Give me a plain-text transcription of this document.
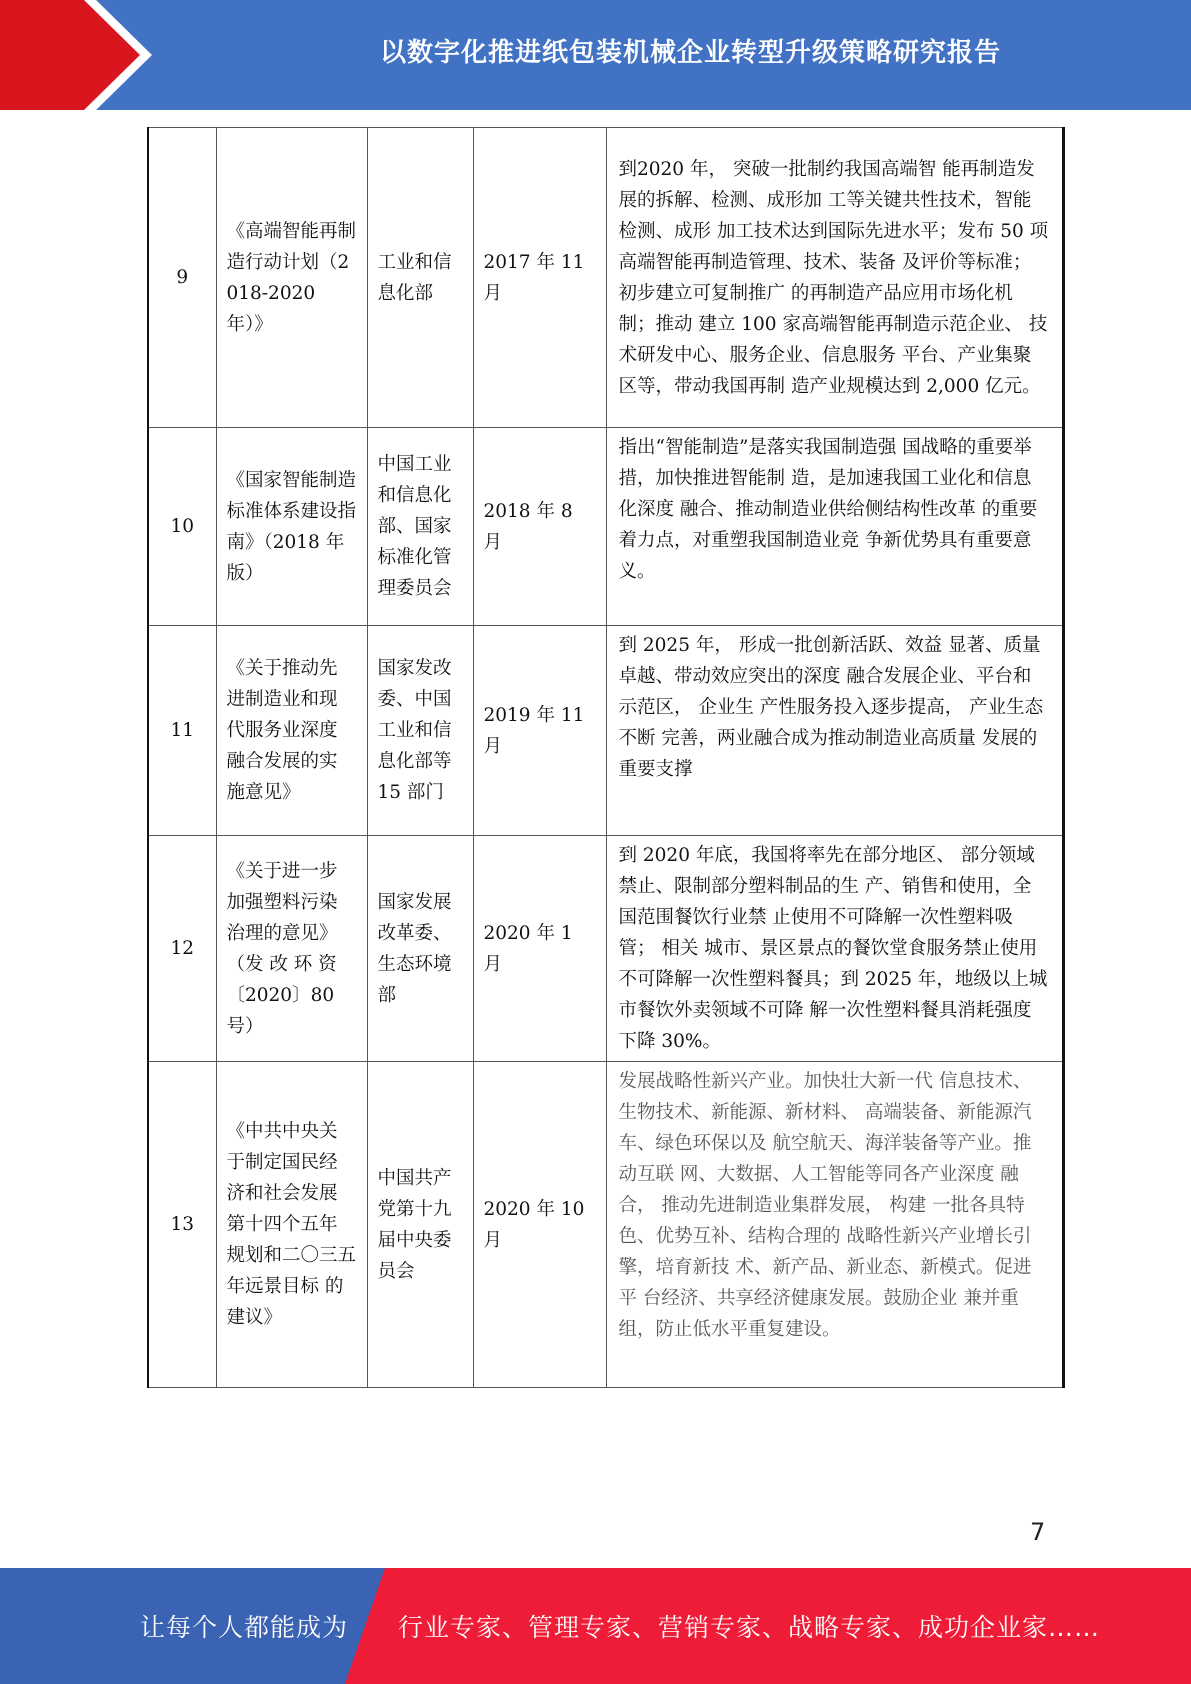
以数字化推进纸包装机械企业转型升级策略研究报告
9	《高端智能再制造行动计划（2018-2020 年）》	工业和信息化部	2017 年 11 月	到2020 年， 突破一批制约我国高端智 能再制造发展的拆解、检测、成形加 工等关键共性技术，智能检测、成形 加工技术达到国际先进水平；发布 50 项高端智能再制造管理、技术、装备 及评价等标准；初步建立可复制推广 的再制造产品应用市场化机制；推动 建立 100 家高端智能再制造示范企业、 技术研发中心、服务企业、信息服务 平台、产业集聚区等，带动我国再制 造产业规模达到 2,000 亿元。
10	《国家智能制造标准体系建设指南》（2018 年版）	中国工业和信息化部、国家标准化管理委员会	2018 年 8 月	指出“智能制造”是落实我国制造强 国战略的重要举措，加快推进智能制 造，是加速我国工业化和信息化深度 融合、推动制造业供给侧结构性改革 的重要着力点，对重塑我国制造业竞 争新优势具有重要意义。
11	《关于推动先 进制造业和现 代服务业深度 融合发展的实 施意见》	国家发改委、中国工业和信息化部等 15 部门	2019 年 11 月	到 2025 年， 形成一批创新活跃、效益 显著、质量卓越、带动效应突出的深度 融合发展企业、平台和示范区， 企业生 产性服务投入逐步提高， 产业生态不断 完善，两业融合成为推动制造业高质量 发展的重要支撑
12	《关于进一步 加强塑料污染 治理的意见》（发 改 环 资 〔2020〕80 号）	国家发展改革委、生态环境部	2020 年 1 月	到 2020 年底，我国将率先在部分地区、 部分领域禁止、限制部分塑料制品的生 产、销售和使用，全国范围餐饮行业禁 止使用不可降解一次性塑料吸管； 相关 城市、景区景点的餐饮堂食服务禁止使用不可降解一次性塑料餐具；到 2025 年，地级以上城市餐饮外卖领域不可降 解一次性塑料餐具消耗强度下降 30%。
13	《中共中央关 于制定国民经 济和社会发展 第十四个五年 规划和二〇三五年远景目标 的建议》	中国共产党第十九届中央委员会	2020 年 10 月	发展战略性新兴产业。加快壮大新一代 信息技术、生物技术、新能源、新材料、 高端装备、新能源汽车、绿色环保以及 航空航天、海洋装备等产业。推动互联 网、大数据、人工智能等同各产业深度 融合， 推动先进制造业集群发展， 构建 一批各具特色、优势互补、结构合理的 战略性新兴产业增长引擎，培育新技 术、新产品、新业态、新模式。促进平 台经济、共享经济健康发展。鼓励企业 兼并重组，防止低水平重复建设。
7
让每个人都能成为 行业专家、管理专家、营销专家、战略专家、成功企业家……
